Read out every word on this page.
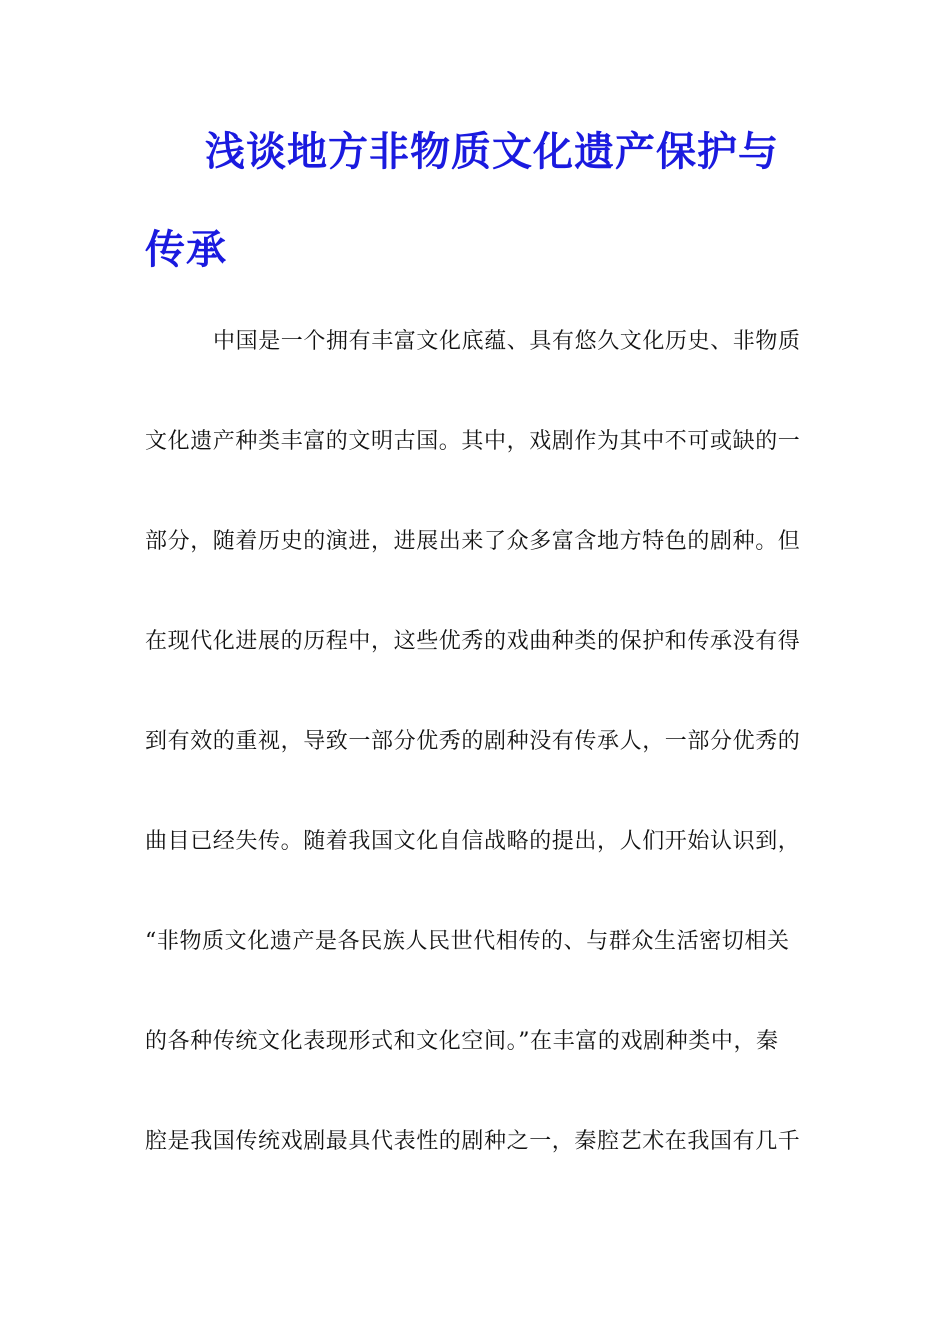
浅谈地方非物质文化遗产保护与
传承
中国是一个拥有丰富文化底蕴、具有悠久文化历史、非物质
文化遗产种类丰富的文明古国。其中，戏剧作为其中不可或缺的一
部分，随着历史的演进，进展出来了众多富含地方特色的剧种。但
在现代化进展的历程中，这些优秀的戏曲种类的保护和传承没有得
到有效的重视，导致一部分优秀的剧种没有传承人，一部分优秀的
曲目已经失传。随着我国文化自信战略的提出，人们开始认识到，
“非物质文化遗产是各民族人民世代相传的、与群众生活密切相关
的各种传统文化表现形式和文化空间。”在丰富的戏剧种类中，秦
腔是我国传统戏剧最具代表性的剧种之一，秦腔艺术在我国有几千
